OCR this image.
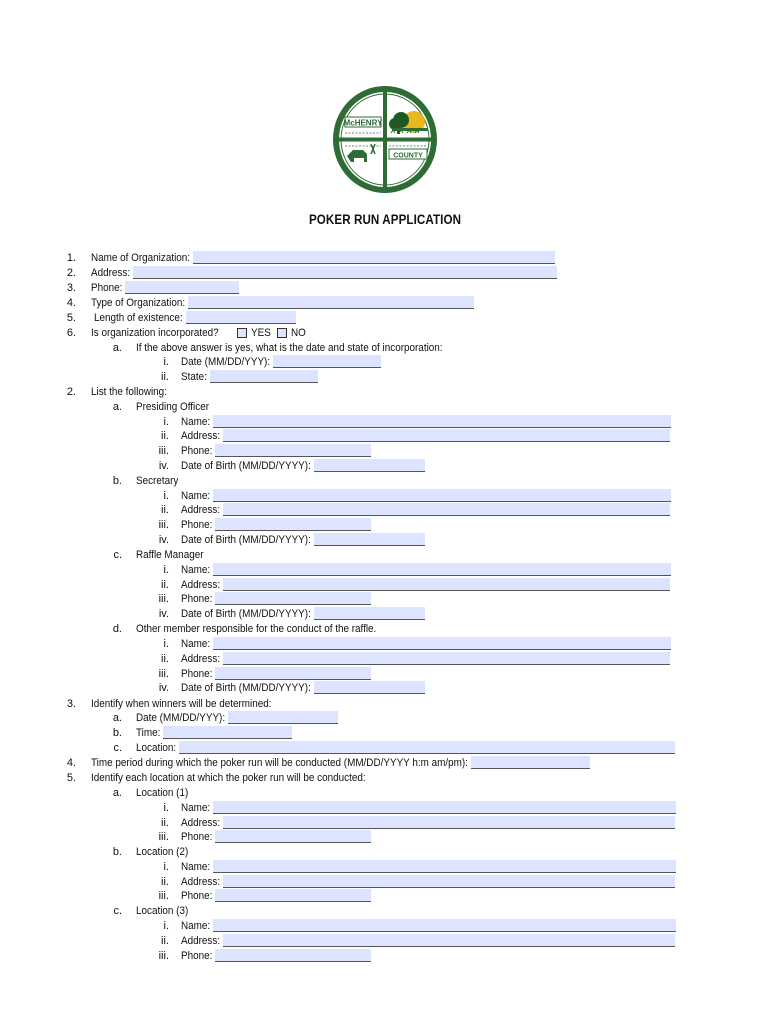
McHENRY
COUNTY
POKER RUN APPLICATION
1. Name of Organization:
2. Address:
3. Phone:
4. Type of Organization:
5. Length of existence:
6. Is organization incorporated?	YES NO
a. If the above answer is yes, what is the date and state of incorporation:
i. Date (MM/DD/YYY):
ii. State:
2. List the following:
a. Presiding Officer
i. Name:
ii. Address:
iii. Phone:
iv. Date of Birth (MM/DD/YYYY):
b. Secretary
i. Name:
ii. Address:
iii. Phone:
iv. Date of Birth (MM/DD/YYYY):
c. Raffle Manager
i. Name:
ii. Address:
iii. Phone:
iv. Date of Birth (MM/DD/YYYY):
d. Other member responsible for the conduct of the raffle.
i. Name:
ii. Address:
iii. Phone:
iv. Date of Birth (MM/DD/YYYY):
3. Identify when winners will be determined:
a. Date (MM/DD/YYY):
b. Time:
c. Location:
4. Time period during which the poker run will be conducted (MM/DD/YYYY h:m am/pm):
5. Identify each location at which the poker run will be conducted:
a. Location (1)
i. Name:
ii. Address:
iii. Phone:
b. Location (2)
i. Name:
ii. Address:
iii. Phone:
c. Location (3)
i. Name:
ii. Address:
iii. Phone:
